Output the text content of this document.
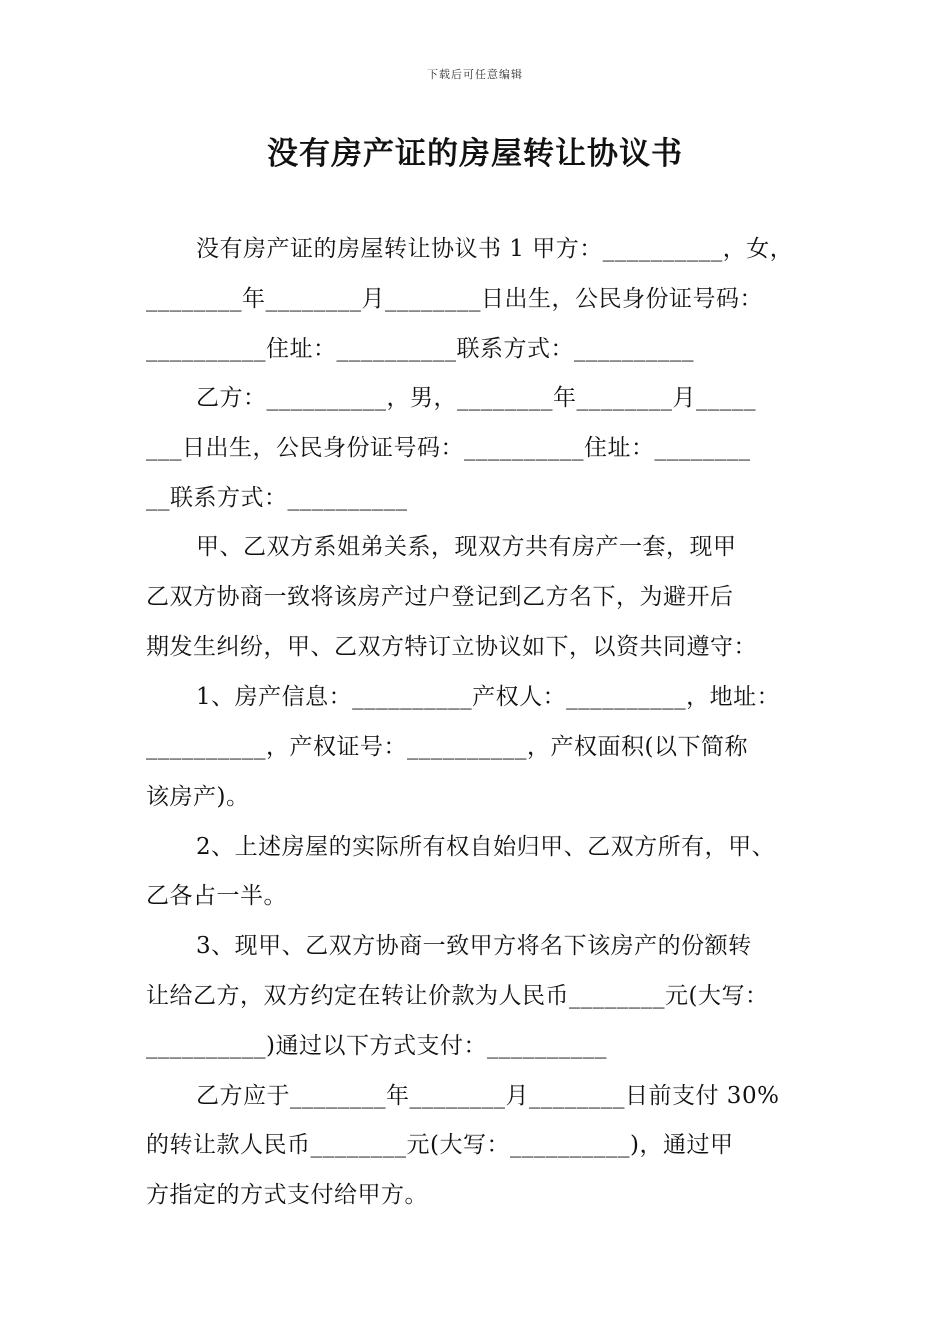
下载后可任意编辑
没有房产证的房屋转让协议书
没有房产证的房屋转让协议书 1 甲方：__________，女，
________年________月________日出生，公民身份证号码：
__________住址：__________联系方式：__________
乙方：__________，男，________年________月_____
___日出生，公民身份证号码：__________住址：________
__联系方式：__________
甲、乙双方系姐弟关系，现双方共有房产一套，现甲
乙双方协商一致将该房产过户登记到乙方名下，为避开后
期发生纠纷，甲、乙双方特订立协议如下，以资共同遵守：
1、房产信息：__________产权人：__________，地址：
__________，产权证号：__________，产权面积(以下简称
该房产)。
2、上述房屋的实际所有权自始归甲、乙双方所有，甲、
乙各占一半。
3、现甲、乙双方协商一致甲方将名下该房产的份额转
让给乙方，双方约定在转让价款为人民币________元(大写：
__________)通过以下方式支付：__________
乙方应于________年________月________日前支付 30%
的转让款人民币________元(大写：__________)，通过甲
方指定的方式支付给甲方。
